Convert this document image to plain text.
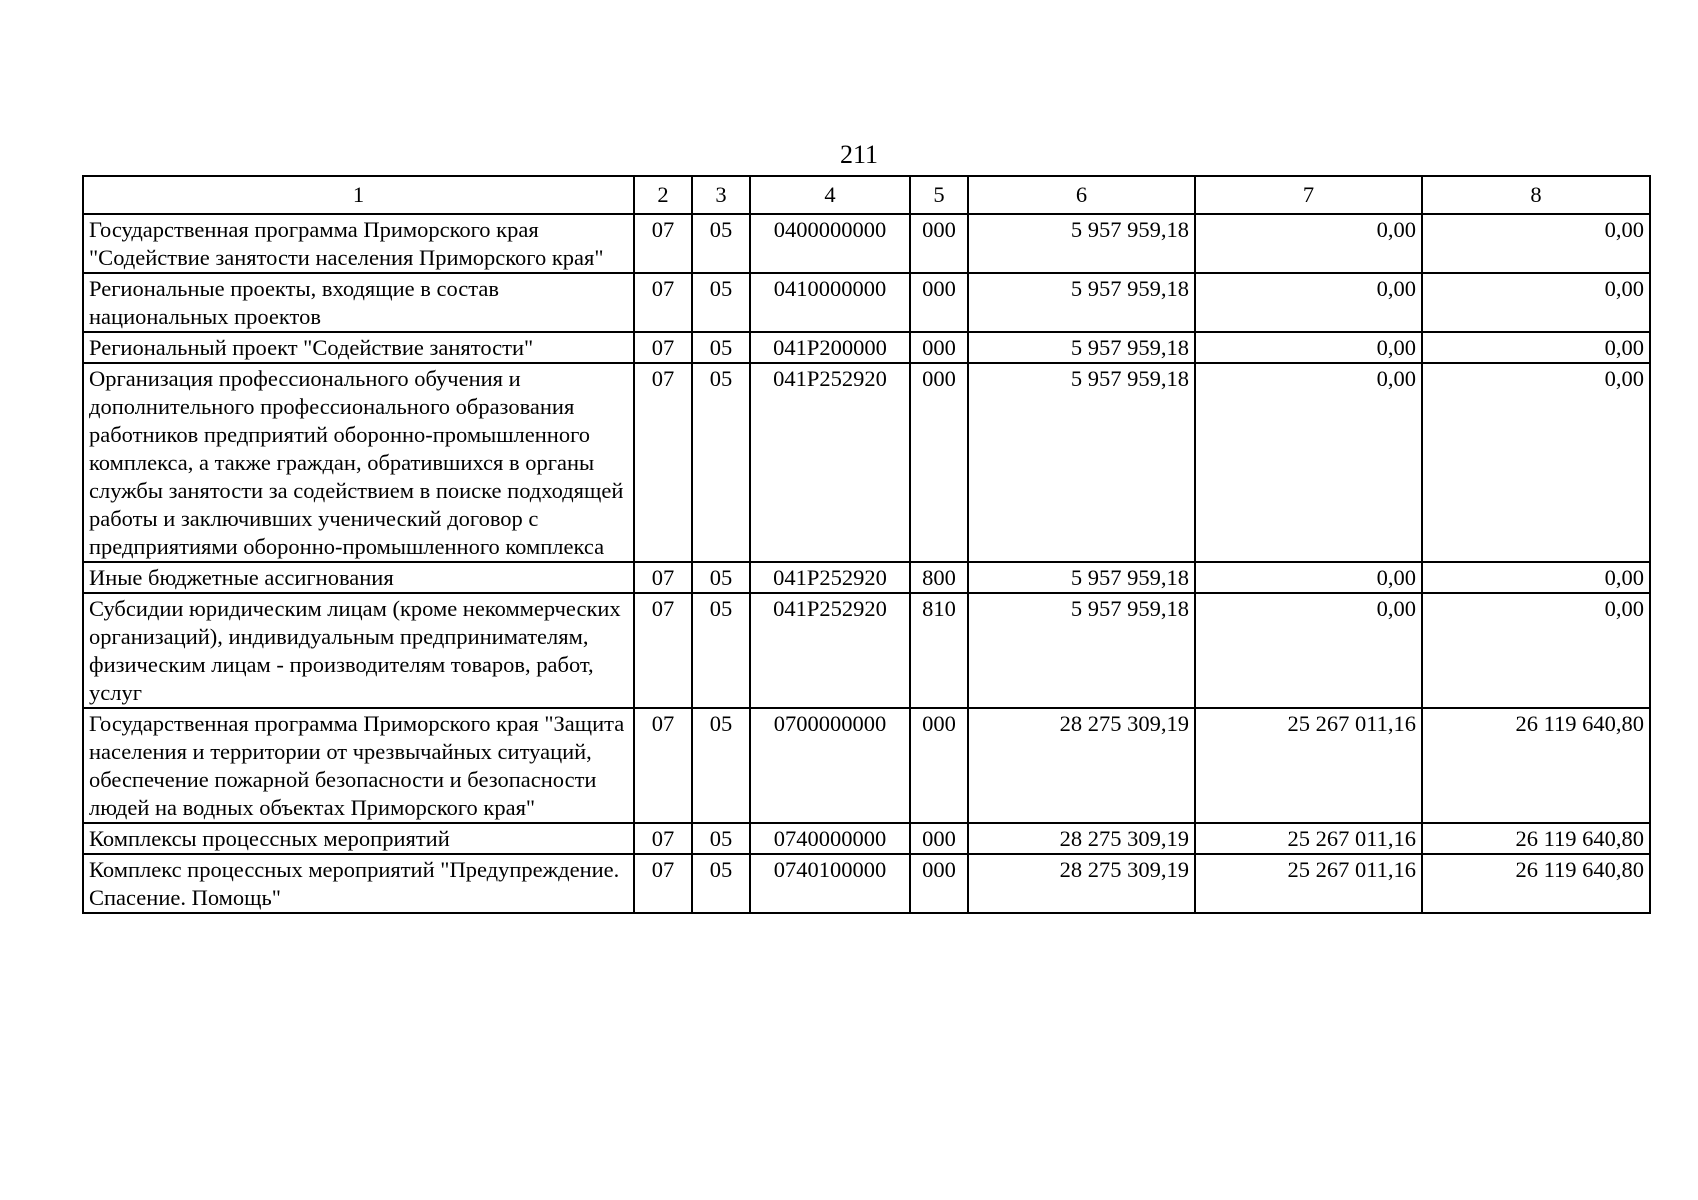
211
1	2	3	4	5	6	7	8
Государственная программа Приморского края "Содействие занятости населения Приморского края"	07	05	0400000000	000	5 957 959,18	0,00	0,00
Региональные проекты, входящие в состав национальных проектов	07	05	0410000000	000	5 957 959,18	0,00	0,00
Региональный проект "Содействие занятости"	07	05	041P200000	000	5 957 959,18	0,00	0,00
Организация профессионального обучения и дополнительного профессионального образования работников предприятий оборонно-промышленного комплекса, а также граждан, обратившихся в органы службы занятости за содействием в поиске подходящей работы и заключивших ученический договор с предприятиями оборонно-промышленного комплекса	07	05	041P252920	000	5 957 959,18	0,00	0,00
Иные бюджетные ассигнования	07	05	041P252920	800	5 957 959,18	0,00	0,00
Субсидии юридическим лицам (кроме некоммерческих организаций), индивидуальным предпринимателям, физическим лицам - производителям товаров, работ, услуг	07	05	041P252920	810	5 957 959,18	0,00	0,00
Государственная программа Приморского края "Защита населения и территории от чрезвычайных ситуаций, обеспечение пожарной безопасности и безопасности людей на водных объектах Приморского края"	07	05	0700000000	000	28 275 309,19	25 267 011,16	26 119 640,80
Комплексы процессных мероприятий	07	05	0740000000	000	28 275 309,19	25 267 011,16	26 119 640,80
Комплекс процессных мероприятий "Предупреждение. Спасение. Помощь"	07	05	0740100000	000	28 275 309,19	25 267 011,16	26 119 640,80
